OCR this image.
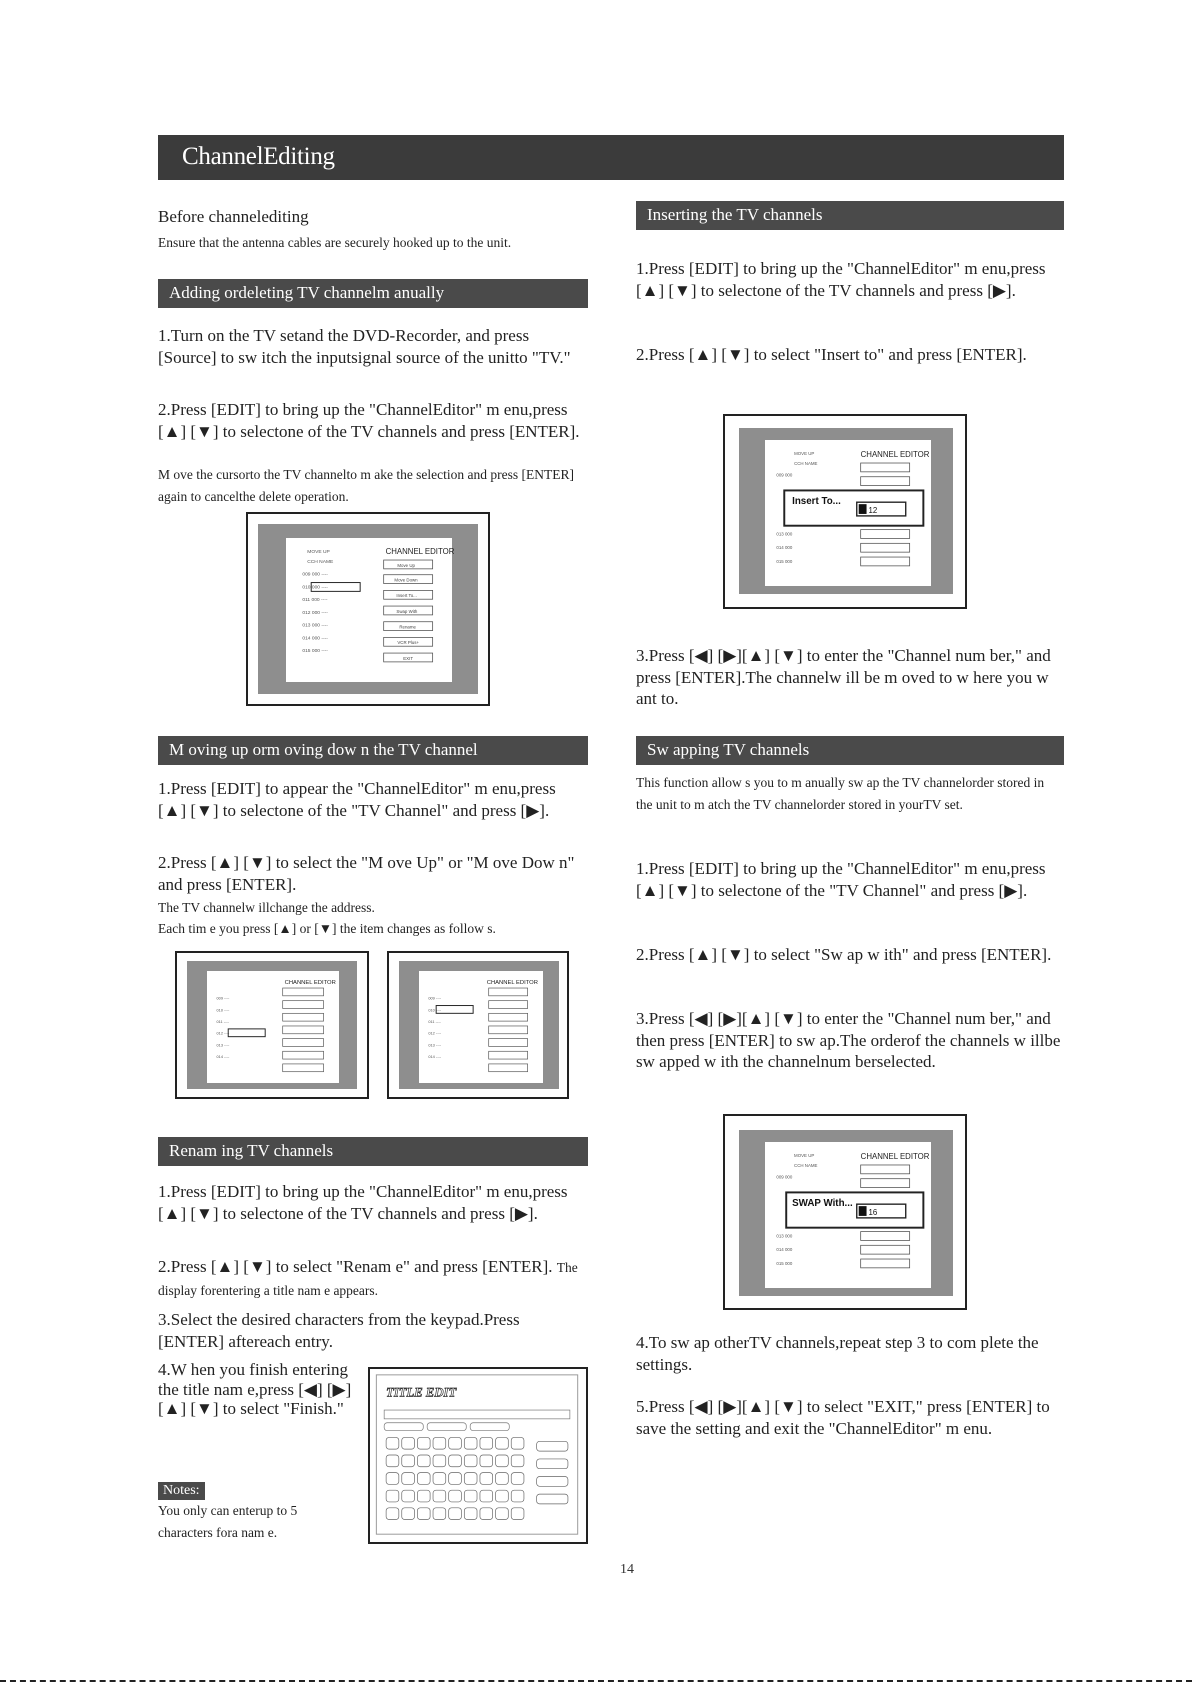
ChannelEditing
Before channelediting
Ensure that the antenna cables are securely hooked up to the unit.
Adding ordeleting TV channelm anually
1.Turn on the TV setand the DVD-Recorder, and press [Source] to sw itch the inputsignal source of the unitto "TV."
2.Press [EDIT] to bring up the "ChannelEditor" m enu,press [▲] [▼] to selectone of the TV channels and press [ENTER].
M ove the cursorto the TV channelto m ake the selection and press [ENTER] again to cancelthe delete operation.
CHANNEL EDITOR
MOVE UP
CCH NAME
009 000 ----
010 000 ----
011 000 ----
012 000 ----
013 000 ----
014 000 ----
015 000 ----
Move Up
Move Down
Insert To...
Swap With
Rename
VCR Plus+
EXIT
M oving up orm oving dow n the TV channel
1.Press [EDIT] to appear the "ChannelEditor" m enu,press [▲] [▼] to selectone of the "TV Channel" and press [▶].
2.Press [▲] [▼] to select the "M ove Up" or "M ove Dow n" and press [ENTER].
The TV channelw illchange the address.
Each tim e you press [▲] or [▼] the item changes as follow s.
CHANNEL EDITOR
009 ----
010 ----
011 ----
012 ----
013 ----
014 ----
CHANNEL EDITOR
009 ----
010 ----
011 ----
012 ----
013 ----
014 ----
Renam ing TV channels
1.Press [EDIT] to bring up the "ChannelEditor" m enu,press [▲] [▼] to selectone of the TV channels and press [▶].
2.Press [▲] [▼] to select "Renam e" and press [ENTER]. The display forentering a title nam e appears.
3.Select the desired characters from the keypad.Press [ENTER] aftereach entry.
4.W hen you finish entering the title nam e,press [◀] [▶] [▲] [▼] to select "Finish."
Notes:
You only can enterup to 5 characters fora nam e.
TITLE EDIT
Inserting the TV channels
1.Press [EDIT] to bring up the "ChannelEditor" m enu,press [▲] [▼] to selectone of the TV channels and press [▶].
2.Press [▲] [▼] to select "Insert to" and press [ENTER].
CHANNEL EDITOR
MOVE UP
CCH NAME
009 000
013 000
014 000
015 000
Insert To...
12
3.Press [◀] [▶][▲] [▼] to enter the "Channel num ber," and press [ENTER].The channelw ill be m oved to w here you w ant to.
Sw apping TV channels
This function allow s you to m anually sw ap the TV channelorder stored in the unit to m atch the TV channelorder stored in yourTV set.
1.Press [EDIT] to bring up the "ChannelEditor" m enu,press [▲] [▼] to selectone of the "TV Channel" and press [▶].
2.Press [▲] [▼] to select "Sw ap w ith" and press [ENTER].
3.Press [◀] [▶][▲] [▼] to enter the "Channel num ber," and then press [ENTER] to sw ap.The orderof the channels w illbe sw apped w ith the channelnum berselected.
CHANNEL EDITOR
MOVE UP
CCH NAME
009 000
013 000
014 000
015 000
SWAP With...
16
4.To sw ap otherTV channels,repeat step 3 to com plete the settings.
5.Press [◀] [▶][▲] [▼] to select "EXIT," press [ENTER] to save the setting and exit the "ChannelEditor" m enu.
14
